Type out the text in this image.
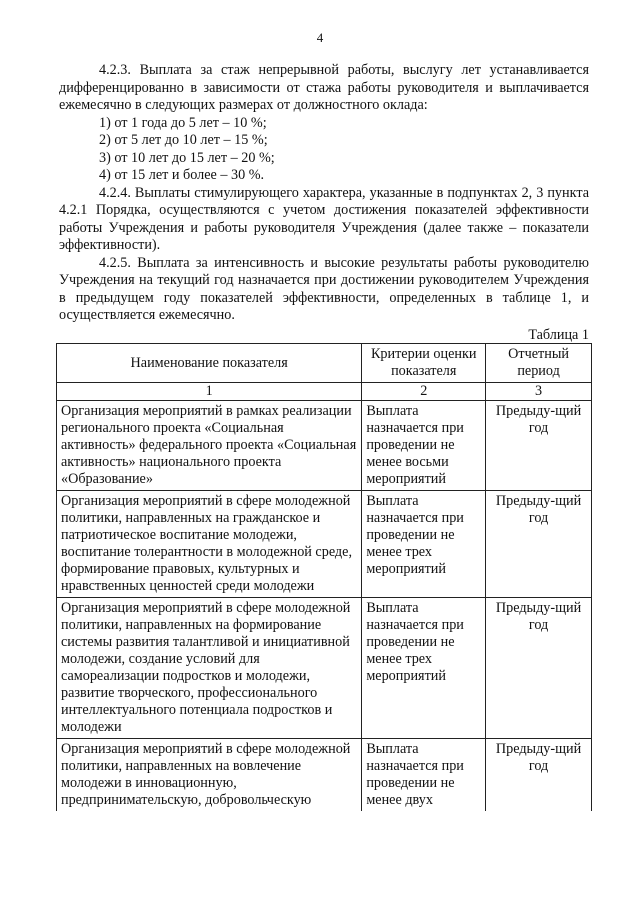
4

4.2.3. Выплата за стаж непрерывной работы, выслугу лет устанавливается дифференцированно в зависимости от стажа работы руководителя и выплачивается ежемесячно в следующих размерах от должностного оклада:

1) от 1 года до 5 лет – 10 %;

2) от 5 лет до 10 лет – 15 %;

3) от 10 лет до 15 лет – 20 %;

4) от 15 лет и более – 30 %.

4.2.4. Выплаты стимулирующего характера, указанные в подпунктах 2, 3 пункта 4.2.1 Порядка, осуществляются с учетом достижения показателей эффективности работы Учреждения и работы руководителя Учреждения (далее также – показатели эффективности).

4.2.5. Выплата за интенсивность и высокие результаты работы руководителю Учреждения на текущий год назначается при достижении руководителем Учреждения в предыдущем году показателей эффективности, определенных в таблице 1, и осуществляется ежемесячно.

Таблица 1
Наименование показателя	Критерии оценки показателя	Отчетный период
1	2	3
Организация мероприятий в рамках реализации регионального проекта «Социальная активность» федерального проекта «Социальная активность» национального проекта «Образование»	Выплата назначается при проведении не менее восьми мероприятий	Предыду-щий год
Организация мероприятий в сфере молодежной политики, направленных на гражданское и патриотическое воспитание молодежи, воспитание толерантности в молодежной среде, формирование правовых, культурных и нравственных ценностей среди молодежи	Выплата назначается при проведении не менее трех мероприятий	Предыду-щий год
Организация мероприятий в сфере молодежной политики, направленных на формирование системы развития талантливой и инициативной молодежи, создание условий для самореализации подростков и молодежи, развитие творческого, профессионального интеллектуального потенциала подростков и молодежи	Выплата назначается при проведении не менее трех мероприятий	Предыду-щий год
Организация мероприятий в сфере молодежной политики, направленных на вовлечение молодежи в инновационную, предпринимательскую, добровольческую	Выплата назначается при проведении не менее двух	Предыду-щий год
